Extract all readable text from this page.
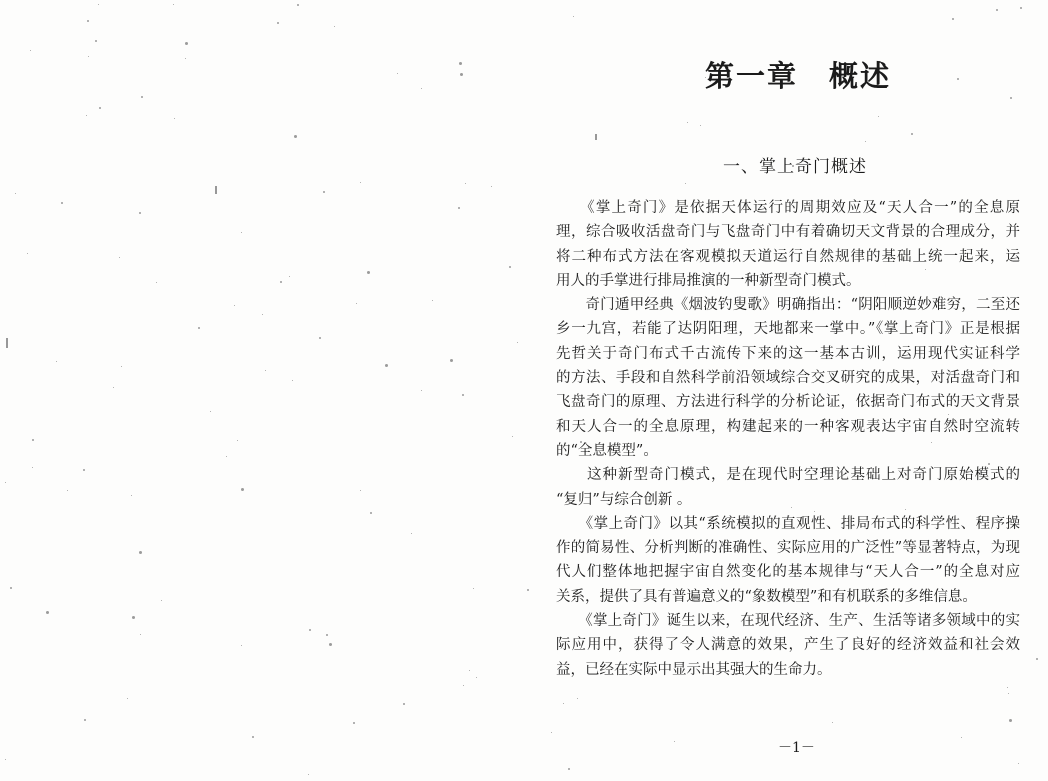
第一章　概述
一、掌上奇门概述
　　《掌上奇门》是依据天体运行的周期效应及“天人合一”的全息原
理，综合吸收活盘奇门与飞盘奇门中有着确切天文背景的合理成分，并
将二种布式方法在客观模拟天道运行自然规律的基础上统一起来，运
用人的手掌进行排局推演的一种新型奇门模式。
　　奇门遁甲经典《烟波钓叟歌》明确指出：“阴阳顺逆妙难穷，二至还
乡一九宫，若能了达阴阳理，天地都来一掌中。”《掌上奇门》正是根据
先哲关于奇门布式千古流传下来的这一基本古训，运用现代实证科学
的方法、手段和自然科学前沿领域综合交叉研究的成果，对活盘奇门和
飞盘奇门的原理、方法进行科学的分析论证，依据奇门布式的天文背景
和天人合一的全息原理，构建起来的一种客观表达宇宙自然时空流转
的“全息模型”。
　　这种新型奇门模式，是在现代时空理论基础上对奇门原始模式的
“复归”与综合创新 。
　　《掌上奇门》以其“系统模拟的直观性、排局布式的科学性、程序操
作的简易性、分析判断的准确性、实际应用的广泛性”等显著特点，为现
代人们整体地把握宇宙自然变化的基本规律与“天人合一”的全息对应
关系，提供了具有普遍意义的“象数模型”和有机联系的多维信息。
　　《掌上奇门》诞生以来，在现代经济、生产、生活等诸多领域中的实
际应用中，获得了令人满意的效果，产生了良好的经济效益和社会效
益，已经在实际中显示出其强大的生命力。
－1－
